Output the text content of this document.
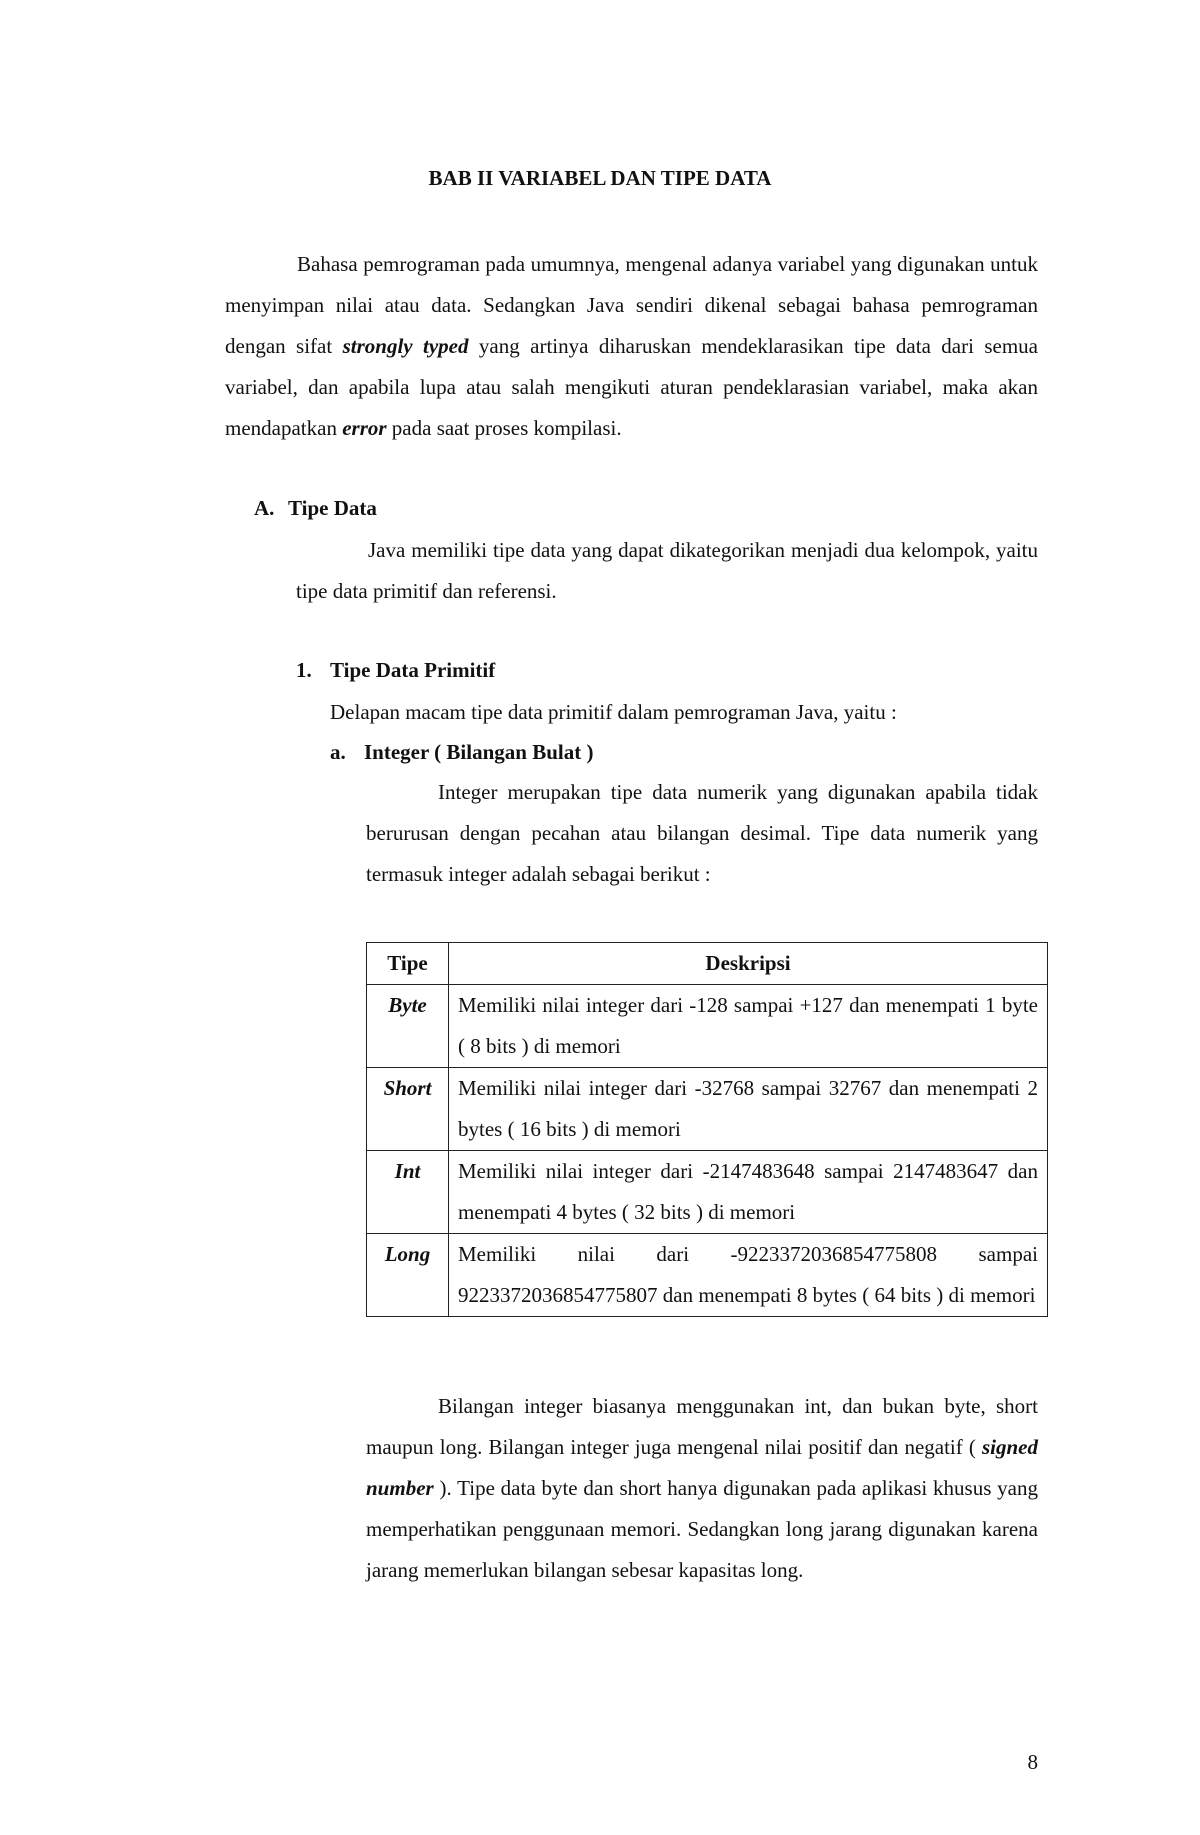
BAB II VARIABEL DAN TIPE DATA

Bahasa pemrograman pada umumnya, mengenal adanya variabel yang digunakan untuk menyimpan nilai atau data. Sedangkan Java sendiri dikenal sebagai bahasa pemrograman dengan sifat strongly typed yang artinya diharuskan mendeklarasikan tipe data dari semua variabel, dan apabila lupa atau salah mengikuti aturan pendeklarasian variabel, maka akan mendapatkan error pada saat proses kompilasi.

A. Tipe Data

Java memiliki tipe data yang dapat dikategorikan menjadi dua kelompok, yaitu tipe data primitif dan referensi.

1. Tipe Data Primitif

Delapan macam tipe data primitif dalam pemrograman Java, yaitu :

a. Integer ( Bilangan Bulat )

Integer merupakan tipe data numerik yang digunakan apabila tidak berurusan dengan pecahan atau bilangan desimal. Tipe data numerik yang termasuk integer adalah sebagai berikut :

Tipe	Deskripsi
Byte	Memiliki nilai integer dari -128 sampai +127 dan menempati 1 byte ( 8 bits ) di memori
Short	Memiliki nilai integer dari -32768 sampai 32767 dan menempati 2 bytes ( 16 bits ) di memori
Int	Memiliki nilai integer dari -2147483648 sampai 2147483647 dan menempati 4 bytes ( 32 bits ) di memori
Long	Memiliki nilai dari -9223372036854775808 sampai 9223372036854775807 dan menempati 8 bytes ( 64 bits ) di memori

Bilangan integer biasanya menggunakan int, dan bukan byte, short maupun long. Bilangan integer juga mengenal nilai positif dan negatif ( signed number ). Tipe data byte dan short hanya digunakan pada aplikasi khusus yang memperhatikan penggunaan memori. Sedangkan long jarang digunakan karena jarang memerlukan bilangan sebesar kapasitas long.

8
